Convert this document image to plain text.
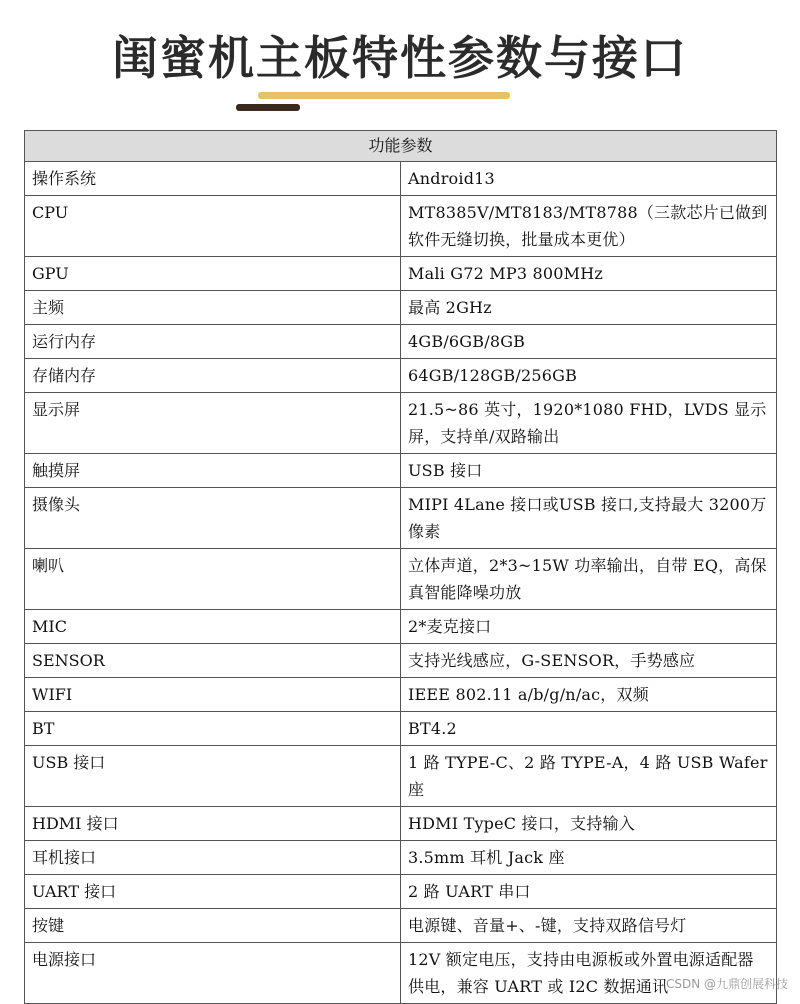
闺蜜机主板特性参数与接口
功能参数	
操作系统	Android13
CPU	MT8385V/MT8183/MT8788（三款芯片已做到软件无缝切换，批量成本更优）
GPU	Mali G72 MP3 800MHz
主频	最高 2GHz
运行内存	4GB/6GB/8GB
存储内存	64GB/128GB/256GB
显示屏	21.5~86 英寸，1920*1080 FHD，LVDS 显示屏，支持单/双路输出
触摸屏	USB 接口
摄像头	MIPI 4Lane 接口或USB 接口,支持最大 3200万像素
喇叭	立体声道，2*3~15W 功率输出，自带 EQ，高保真智能降噪功放
MIC	2*麦克接口
SENSOR	支持光线感应，G-SENSOR，手势感应
WIFI	IEEE 802.11 a/b/g/n/ac，双频
BT	BT4.2
USB 接口	1 路 TYPE-C、2 路 TYPE-A，4 路 USB Wafer 座
HDMI 接口	HDMI TypeC 接口，支持输入
耳机接口	3.5mm 耳机 Jack 座
UART 接口	2 路 UART 串口
按键	电源键、音量+、-键，支持双路信号灯
电源接口	12V 额定电压，支持由电源板或外置电源适配器供电，兼容 UART 或 I2C 数据通讯
CSDN @九鼎创展科技
